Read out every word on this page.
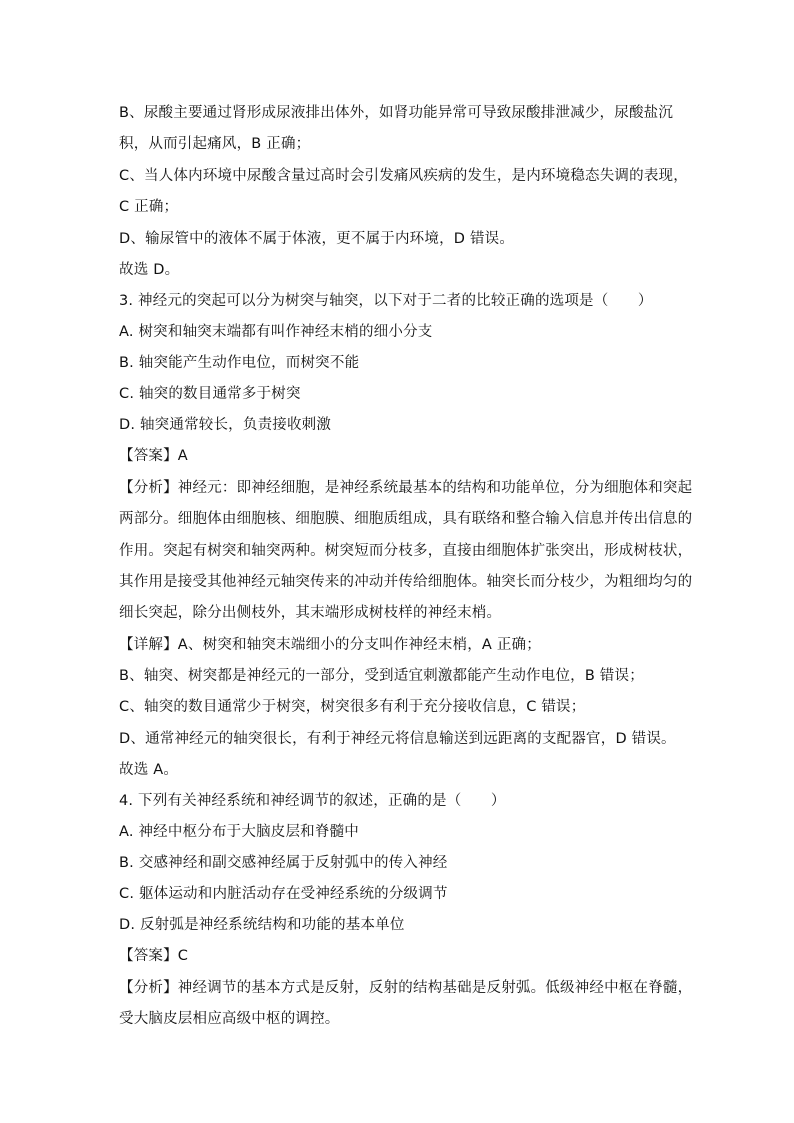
B、尿酸主要通过肾形成尿液排出体外，如肾功能异常可导致尿酸排泄减少，尿酸盐沉
积，从而引起痛风，B 正确；
C、当人体内环境中尿酸含量过高时会引发痛风疾病的发生，是内环境稳态失调的表现，
C 正确；
D、输尿管中的液体不属于体液，更不属于内环境，D 错误。
故选 D。
3. 神经元的突起可以分为树突与轴突，以下对于二者的比较正确的选项是（　　）
A. 树突和轴突末端都有叫作神经末梢的细小分支
B. 轴突能产生动作电位，而树突不能
C. 轴突的数目通常多于树突
D. 轴突通常较长，负责接收刺激
【答案】A
【分析】神经元：即神经细胞，是神经系统最基本的结构和功能单位，分为细胞体和突起
两部分。细胞体由细胞核、细胞膜、细胞质组成，具有联络和整合输入信息并传出信息的
作用。突起有树突和轴突两种。树突短而分枝多，直接由细胞体扩张突出，形成树枝状，
其作用是接受其他神经元轴突传来的冲动并传给细胞体。轴突长而分枝少，为粗细均匀的
细长突起，除分出侧枝外，其末端形成树枝样的神经末梢。
【详解】A、树突和轴突末端细小的分支叫作神经末梢，A 正确；
B、轴突、树突都是神经元的一部分，受到适宜刺激都能产生动作电位，B 错误；
C、轴突的数目通常少于树突，树突很多有利于充分接收信息，C 错误；
D、通常神经元的轴突很长，有利于神经元将信息输送到远距离的支配器官，D 错误。
故选 A。
4. 下列有关神经系统和神经调节的叙述，正确的是（　　）
A. 神经中枢分布于大脑皮层和脊髓中
B. 交感神经和副交感神经属于反射弧中的传入神经
C. 躯体运动和内脏活动存在受神经系统的分级调节
D. 反射弧是神经系统结构和功能的基本单位
【答案】C
【分析】神经调节的基本方式是反射，反射的结构基础是反射弧。低级神经中枢在脊髓，
受大脑皮层相应高级中枢的调控。
